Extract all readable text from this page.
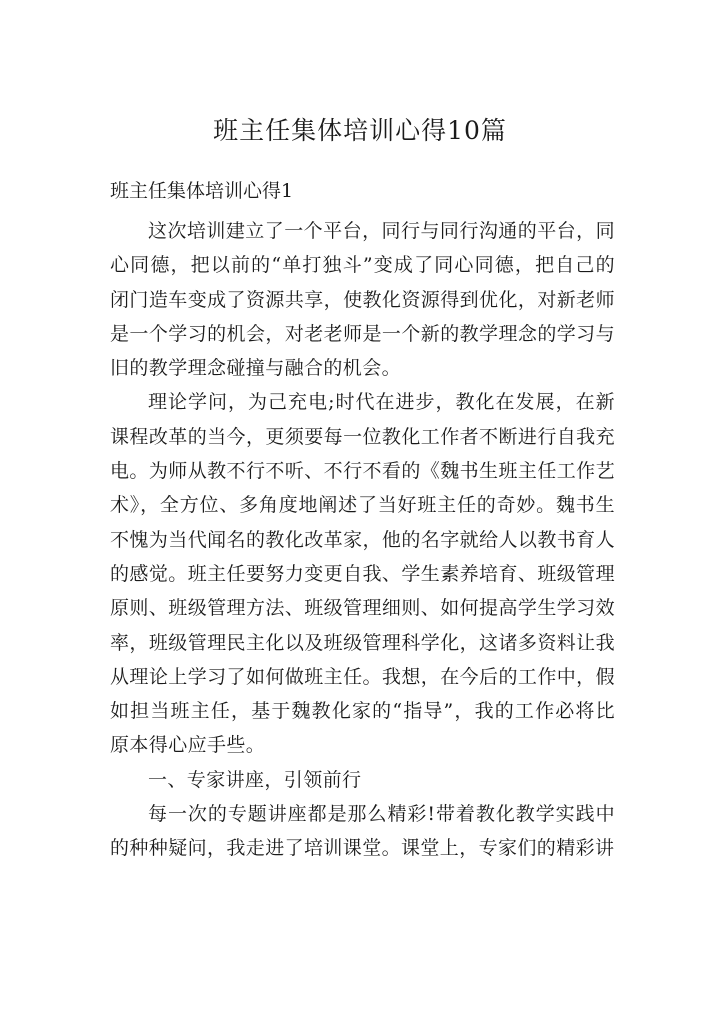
班主任集体培训心得10篇
班主任集体培训心得1

这次培训建立了一个平台，同行与同行沟通的平台，同心同德，把以前的“单打独斗”变成了同心同德，把自己的闭门造车变成了资源共享，使教化资源得到优化，对新老师是一个学习的机会，对老老师是一个新的教学理念的学习与旧的教学理念碰撞与融合的机会。

理论学问，为己充电;时代在进步，教化在发展，在新课程改革的当今，更须要每一位教化工作者不断进行自我充电。为师从教不行不听、不行不看的《魏书生班主任工作艺术》，全方位、多角度地阐述了当好班主任的奇妙。魏书生不愧为当代闻名的教化改革家，他的名字就给人以教书育人的感觉。班主任要努力变更自我、学生素养培育、班级管理原则、班级管理方法、班级管理细则、如何提高学生学习效率，班级管理民主化以及班级管理科学化，这诸多资料让我从理论上学习了如何做班主任。我想，在今后的工作中，假如担当班主任，基于魏教化家的“指导”，我的工作必将比原本得心应手些。

一、专家讲座，引领前行

每一次的专题讲座都是那么精彩!带着教化教学实践中的种种疑问，我走进了培训课堂。课堂上，专家们的精彩讲
